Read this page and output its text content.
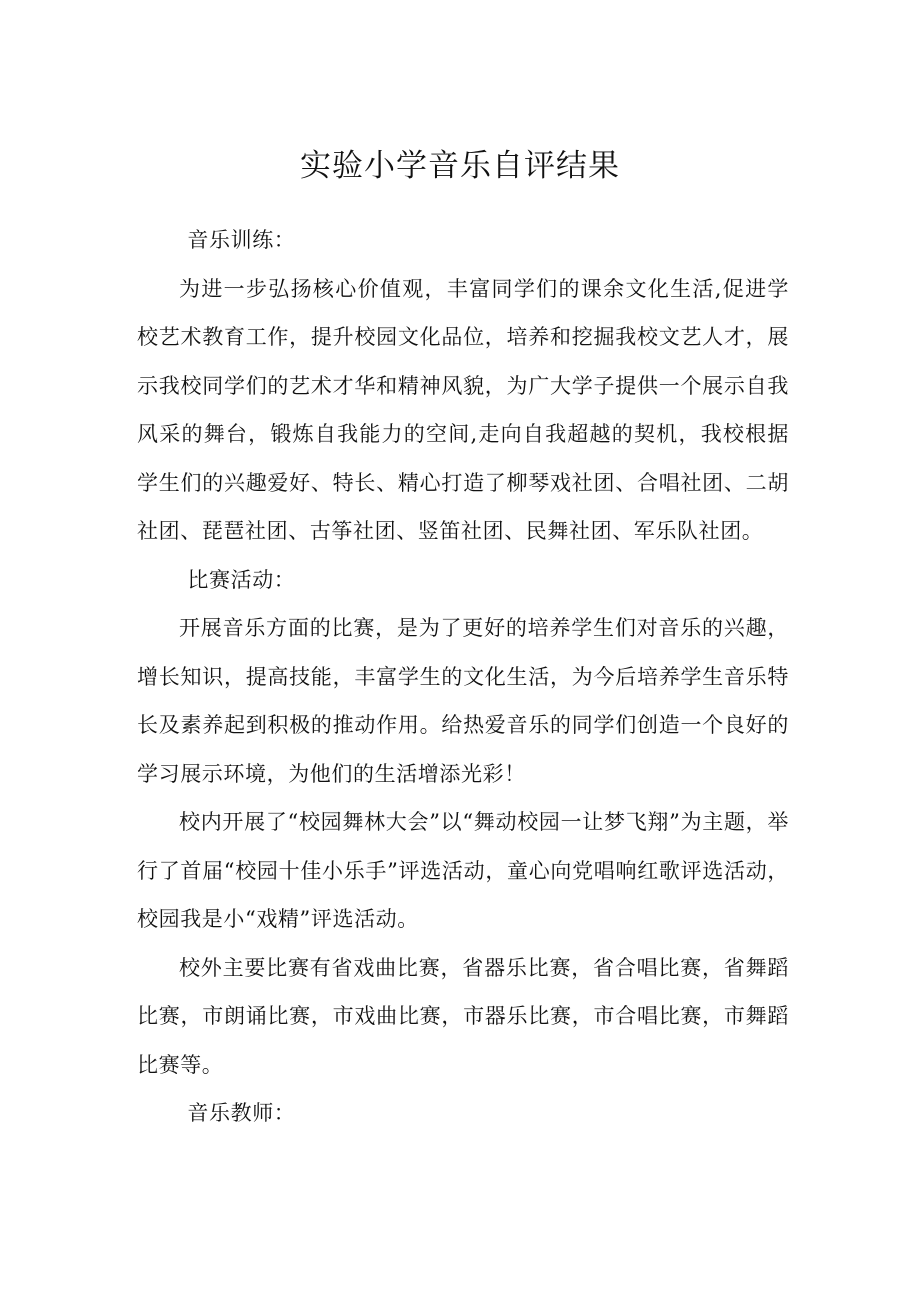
实验小学音乐自评结果

音乐训练：

为进一步弘扬核心价值观，丰富同学们的课余文化生活,促进学校艺术教育工作，提升校园文化品位，培养和挖掘我校文艺人才，展示我校同学们的艺术才华和精神风貌，为广大学子提供一个展示自我风采的舞台，锻炼自我能力的空间,走向自我超越的契机，我校根据学生们的兴趣爱好、特长、精心打造了柳琴戏社团、合唱社团、二胡社团、琵琶社团、古筝社团、竖笛社团、民舞社团、军乐队社团。

比赛活动：

开展音乐方面的比赛，是为了更好的培养学生们对音乐的兴趣，增长知识，提高技能，丰富学生的文化生活，为今后培养学生音乐特长及素养起到积极的推动作用。给热爱音乐的同学们创造一个良好的学习展示环境，为他们的生活增添光彩！

校内开展了“校园舞林大会”以“舞动校园一让梦飞翔”为主题，举行了首届“校园十佳小乐手”评选活动，童心向党唱响红歌评选活动，校园我是小“戏精”评选活动。

校外主要比赛有省戏曲比赛，省器乐比赛，省合唱比赛，省舞蹈比赛，市朗诵比赛，市戏曲比赛，市器乐比赛，市合唱比赛，市舞蹈比赛等。

音乐教师：
